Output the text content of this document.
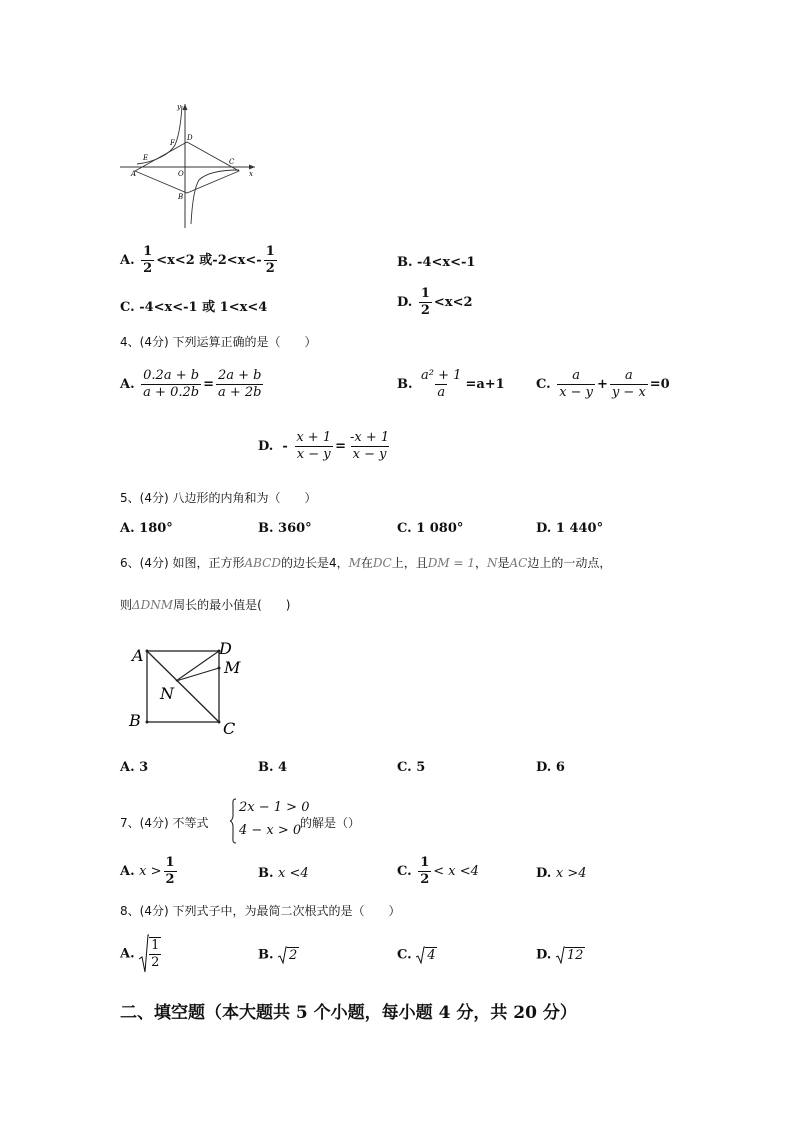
y
x
O
A
B
C
D
E
F
A. $\frac{1}{2} <x<2$ 或$-2<x<- \frac{1}{2}$	B. -4<x<-1
C. -4<x<-1 或 1<x<4	D. $\frac{1}{2} <x<2$
4、(4分) 下列运算正确的是（　　）
A. $\frac{0.2a + b}{a + 0.2b} = \frac{2a + b}{a + 2b}$	B. $\frac{\text{a² + 1}}{a} =a+1$ C. $\frac{a}{x - y} + \frac{a}{y - x} =0$
D. - $\frac{x + 1}{x - y} = \frac{-x + 1}{x - y}$
5、(4分) 八边形的内角和为（　　）
A. 180°	B. 360°	C. 1 080°	D. 1 440°
6、(4分) 如图，正方形ABCD的边长是4，M在DC上，且DM = 1，N是AC边上的一动点，
则ΔDNM周长的最小值是(　　)
A	D
M
N
B	C
A. 3	B. 4	C. 5	D. 6
7、(4分) 不等式
2x − 1 > 0
4 − x > 0
的解是（）
A. $x > \frac{1}{2}$	B. x <4	C. $\frac{1}{2} < x <4$	D. x >4
8、(4分) 下列式子中，为最简二次根式的是（　　）
A. $\frac{1}{2}$	B. 2	C. 4	D. 12
二、填空题（本大题共 5 个小题，每小题 4 分，共 20 分）
